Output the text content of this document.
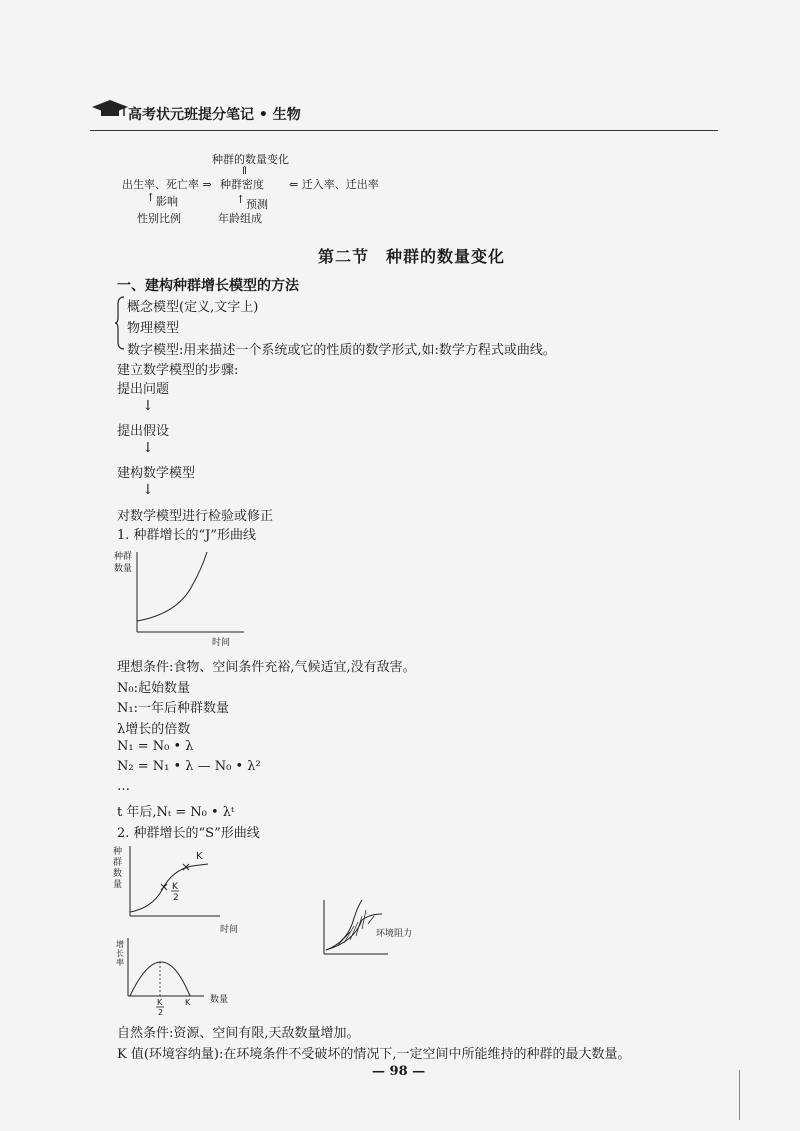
高考状元班提分笔记 • 生物
种群的数量变化
⇑
出生率、死亡率 ⇒ 种群密度 ⇐ 迁入率、迁出率
↑ 影响	↑ 预测
性别比例	年龄组成
第二节　种群的数量变化
一、建构种群增长模型的方法
概念模型(定义,文字上)
物理模型
数字模型:用来描述一个系统或它的性质的数学形式,如:数学方程式或曲线。
建立数学模型的步骤:
提出问题
↓
提出假设
↓
建构数学模型
↓
对数学模型进行检验或修正
1. 种群增长的“J”形曲线
种群
数量
时间
理想条件:食物、空间条件充裕,气候适宜,没有敌害。
N₀:起始数量
N₁:一年后种群数量
λ增长的倍数
N₁ = N₀ • λ
N₂ = N₁ • λ — N₀ • λ²
…
t 年后,Nₜ = N₀ • λᵗ
2. 种群增长的“S”形曲线
种
群
数
量
K
K
2
时间
增
长
率
K
2
K 数量
环境阻力
自然条件:资源、空间有限,天敌数量增加。
K 值(环境容纳量):在环境条件不受破坏的情况下,一定空间中所能维持的种群的最大数量。
— 98 —
